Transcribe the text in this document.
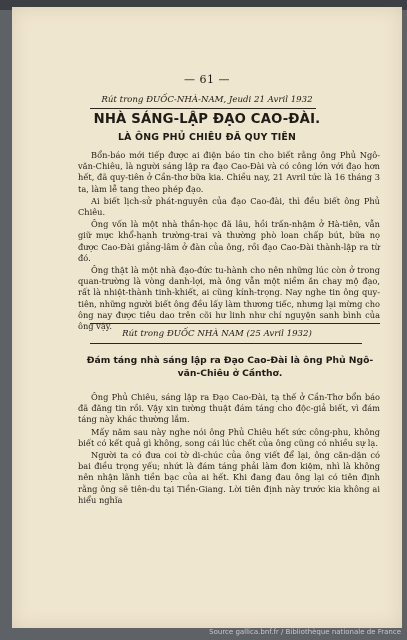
— 61 —
Rút trong ĐUỐC-NHÀ-NAM, Jeudi 21 Avril 1932
NHÀ SÁNG-LẬP ĐẠO CAO-ĐÀI.
LÀ ÔNG PHỦ CHIÊU ĐÃ QUY TIÊN

Bổn-báo mới tiếp được ai điện báo tin cho biết rằng ông Phủ Ngô-văn-Chiêu, là người sáng lập ra đạo Cao-Đài và có công lớn với đạo hơn hết, đã quy-tiên ở Cần-thơ bữa kia. Chiều nay, 21 Avril tức là 16 tháng 3 ta, làm lễ tang theo phép đạo.

Ai biết lịch-sử phát-nguyên của đạo Cao-đài, thì đều biết ông Phủ Chiêu.

Ông vốn là một nhà thần-học đã lâu, hồi trấn-nhậm ở Hà-tiên, vẫn giữ mực khổ-hạnh trường-trai và thường phò loan chấp bút, bữa nọ được Cao-Đài giảng-lâm ở đàn của ông, rồi đạo Cao-Đài thành-lập ra từ đó.

Ông thật là một nhà đạo-đức tu-hành cho nên những lúc còn ở trong quan-trường là vòng danh-lợi, mà ông vẫn một niềm ăn chay mộ đạo, rất là nhiệt-thành tinh-khiết, ai cũng kính-trọng. Nay nghe tin ông quy-tiên, những người biết ông đều lấy làm thương tiếc, nhưng lại mừng cho ông nay được tiêu dao trên cõi hư linh như chí nguyện sanh bình của ông vậy.

Rút trong ĐUỐC NHÀ NAM (25 Avril 1932)
Đám táng nhà sáng lập ra Đạo Cao-Đài là ông Phủ Ngô-văn-Chiêu ở Cầnthơ.

Ông Phủ Chiêu, sáng lập ra Đạo Cao-Đài, tạ thế ở Cần-Thơ bổn báo đã đăng tin rồi. Vậy xin tường thuật đám táng cho độc-giả biết, vì đám táng này khác thường lắm.

Mấy năm sau này nghe nói ông Phủ Chiêu hết sức công-phu, không biết có kết quả gì không, song cái lúc chết của ông cũng có nhiều sự lạ.

Người ta có đưa coi tờ di-chúc của ông viết để lại, ông căn-dặn có bai điều trọng yếu; nhứt là đám táng phải làm đơn kiệm, nhì là không nên nhận lãnh tiền bạc của ai hết. Khi đang đau ông lại có tiên định rằng ông sẽ tiên-du tại Tiền-Giang. Lời tiên định này trước kia không ai hiểu nghĩa

Source gallica.bnf.fr / Bibliothèque nationale de France
